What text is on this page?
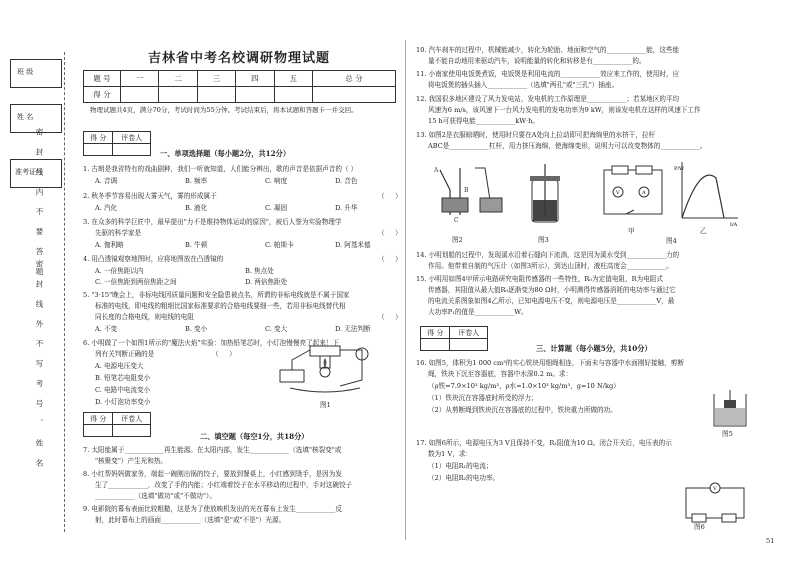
班 级
姓 名
准考证号
密 封 线 内 不 要 答 题
密 封 线 外 不 写 考 号 、 姓 名
吉林省中考名校调研物理试题
题 号	一	二	三	四	五	总 分
得 分						
物理试题共4页，满分70分，考试时间为55分钟。考试结束后，将本试题和答题卡一并交回。
得 分	评卷人

一、单项选择题（每小题2分，共12分）
1. 古朗是我省特有的戏曲剧种，我们一听就知道，人们能分辨出，歌的声音是依据声音的（ ）
A. 音调	B. 频率	C. 响度	D. 音色
2. 秋冬季节容易出现大雾天气，雾的形成属于	（     ）
A. 汽化	B. 液化	C. 凝固	D. 升华
3. 在众多的科学巨匠中，最早提出"力不是维持物体运动的原因"，被后人誉为实验物理学
先驱的科学家是	（     ）
A. 伽利略	B. 牛顿	C. 帕斯卡	D. 阿基米德
4. 用凸透镜观察地图时，应将地图放在凸透镜的	（     ）
A. 一倍焦距以内	B. 焦点处
C. 一倍焦距到两倍焦距之间	D. 两倍焦距处
5. "3·15"晚会上，非标电线因质量问题和安全隐患被点名，所谓的非标电线就是不属于国家
标准的电线，即电线的粗细比国家标准要求的合格电线要细一些，若用非标电线替代相
同长度的合格电线，则电线的电阻	（     ）
A. 不变	B. 变小	C. 变大	D. 无法判断
6. 小明做了一个如图1所示的"魔法火焰"实验：加热铅笔芯时，小灯泡慢慢亮了起来！下
列有关判断正确的是	（     ）
A. 电源电压变大
B. 铅笔芯电阻变小
C. 电路中电流变小
D. 小灯泡功率变小	图1
得 分	评卷人

二、填空题（每空1分，共18分）
7. 太阳能属于____________再生能源。在太阳内部，发生____________（选填"核裂变"或
"核聚变"）产生光和热。
8. 小红帮妈妈做家务，端起一碗刚出锅的饺子，要放到餐桌上，小红感到烫手，是因为发
生了____________，改变了手的内能；小红端着饺子在水平移动的过程中，手对这碗饺子
____________（选填"做功"或"不做功"）。
9. 电影院的幕布表面比较粗糙，这是为了使放映机发出的光在幕布上发生____________反
射，此时幕布上的画面____________（选填"是"或"不是"）光源。
10. 汽车刹车的过程中，机械能减少，转化为轮胎、地面和空气的____________能，这些能
量不能自动地用来驱动汽车，说明能量的转化和转移是有____________的。
11. 小南家使用电饭煲煮饭，电饭煲是利用电流的____________效应来工作的，使用时，应
将电饭煲的插头插入____________（选填"两孔"或"三孔"）插座。
12. 我国很多地区建设了风力发电站，发电机的工作原理是____________；若某地区的平均
风速为6 m/s，该风速下一台风力发电机的发电功率为9 kW，则该发电机在这样的风速下工作
15 h可获得电能____________kW·h。
13. 如图2是衣服晾晒时，使用时只要在A处向上拉动即可把海绵里的水挤干，拉杆
ABC是____________杠杆，用力挤压海绵，使海绵变形，说明力可以改变物体的____________。
A
B
C
图2	图3
V	A
甲
P/W
I/A
乙
图4
14. 小明划船的过程中，发现溪水沿着石缝向下流淌，这是因为溪水受到____________力的
作用。他带着自制的气压计（如图3所示），到达山顶时，液柱高度会____________。
15. 小明用如图4甲所示电路研究电阻传感器的一些特性，R₀为定值电阻，R为电阻式
传感器，其阻值从最大值R₀逐渐变为80 Ω时，小明测得传感器消耗的电功率与通过它
的电流关系图象如图4乙所示，已知电源电压不变，则电源电压是____________V，最
大功率P₁的值是____________W。
得 分	评卷人

三、计算题（每小题5分，共10分）
16. 如图5，体积为1 000 cm³的实心铁块用细绳相连，下面未与容器中水面刚好接触，剪断
绳，铁块下沉至容器底，容器中水深0.2 m。求：
（ρ铁=7.9×10³ kg/m³，ρ水=1.0×10³ kg/m³，g=10 N/kg）
（1）铁块沉在容器底时所受的浮力；
（2）从剪断绳到铁块沉在容器底的过程中，铁块重力所做的功。
图5
17. 如图6所示，电源电压为3 V且保持不变，R₁阻值为10 Ω。闭合开关后，电压表的示
数为1 V，求：
（1）电阻R₁的电流；
（2）电阻R₂的电功率。
V
图6
51
